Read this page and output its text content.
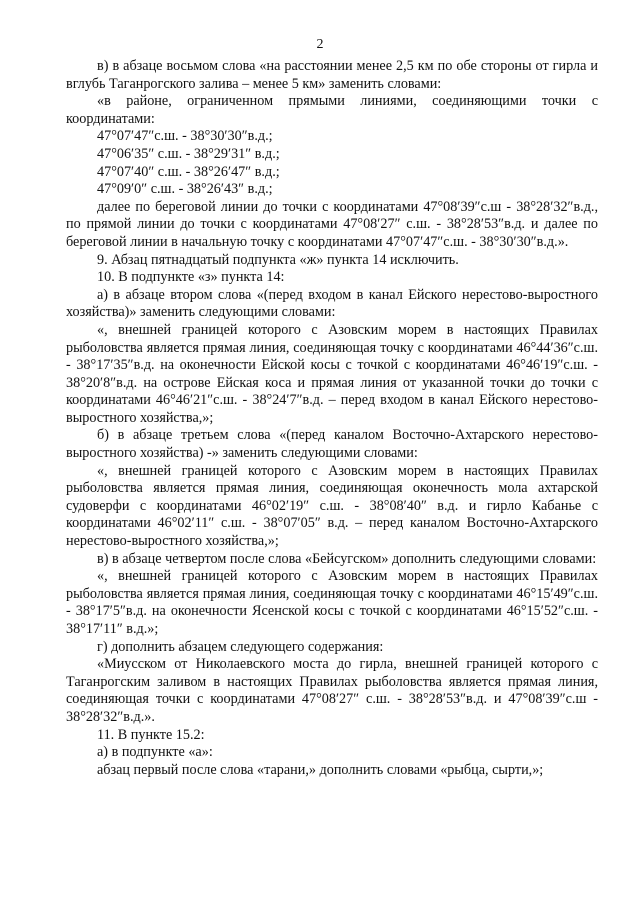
2

в) в абзаце восьмом слова «на расстоянии менее 2,5 км по обе стороны от гирла и вглубь Таганрогского залива – менее 5 км» заменить словами:

«в районе, ограниченном прямыми линиями, соединяющими точки с координатами:

47°07′47″с.ш. - 38°30′30″в.д.;

47°06′35″ с.ш. - 38°29′31″ в.д.;

47°07′40″ с.ш. - 38°26′47″ в.д.;

47°09′0″ с.ш. - 38°26′43″ в.д.;

далее по береговой линии до точки с координатами 47°08′39″с.ш - 38°28′32″в.д., по прямой линии до точки с координатами 47°08′27″ с.ш. - 38°28′53″в.д. и далее по береговой линии в начальную точку с координатами 47°07′47″с.ш. - 38°30′30″в.д.».

9. Абзац пятнадцатый подпункта «ж» пункта 14 исключить.

10. В подпункте «з» пункта 14:

а) в абзаце втором слова «(перед входом в канал Ейского нерестово-выростного хозяйства)» заменить следующими словами:

«, внешней границей которого с Азовским морем в настоящих Правилах рыболовства является прямая линия, соединяющая точку с координатами 46°44′36″с.ш. - 38°17′35″в.д. на оконечности Ейской косы с точкой с координатами 46°46′19″с.ш. - 38°20′8″в.д. на острове Ейская коса и прямая линия от указанной точки до точки с координатами 46°46′21″с.ш. - 38°24′7″в.д. – перед входом в канал Ейского нерестово-выростного хозяйства,»;

б) в абзаце третьем слова «(перед каналом Восточно-Ахтарского нерестово-выростного хозяйства) -» заменить следующими словами:

«, внешней границей которого с Азовским морем в настоящих Правилах рыболовства является прямая линия, соединяющая оконечность мола ахтарской судоверфи с координатами 46°02′19″ с.ш. - 38°08′40″ в.д. и гирло Кабанье с координатами 46°02′11″ с.ш. - 38°07′05″ в.д. – перед каналом Восточно-Ахтарского нерестово-выростного хозяйства,»;

в) в абзаце четвертом после слова «Бейсугском» дополнить следующими словами:

«, внешней границей которого с Азовским морем в настоящих Правилах рыболовства является прямая линия, соединяющая точку с координатами 46°15′49″с.ш. - 38°17′5″в.д. на оконечности Ясенской косы с точкой с координатами 46°15′52″с.ш. - 38°17′11″ в.д.»;

г) дополнить абзацем следующего содержания:

«Миусском от Николаевского моста до гирла, внешней границей которого с Таганрогским заливом в настоящих Правилах рыболовства является прямая линия, соединяющая точки с координатами 47°08′27″ с.ш. - 38°28′53″в.д. и 47°08′39″с.ш - 38°28′32″в.д.».

11. В пункте 15.2:

а) в подпункте «а»:

абзац первый после слова «тарани,» дополнить словами «рыбца, сырти,»;
